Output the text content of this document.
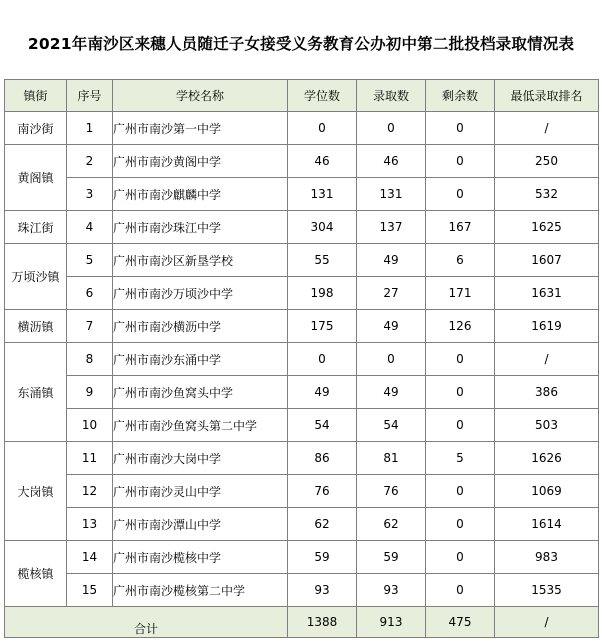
2021年南沙区来穗人员随迁子女接受义务教育公办初中第二批投档录取情况表
镇街	序号	学校名称	学位数	录取数	剩余数	最低录取排名
南沙街	1	广州市南沙第一中学	0	0	0	/
黄阁镇	2	广州市南沙黄阁中学	46	46	0	250
	3	广州市南沙麒麟中学	131	131	0	532
珠江街	4	广州市南沙珠江中学	304	137	167	1625
万顷沙镇	5	广州市南沙区新垦学校	55	49	6	1607
	6	广州市南沙万顷沙中学	198	27	171	1631
横沥镇	7	广州市南沙横沥中学	175	49	126	1619
东涌镇	8	广州市南沙东涌中学	0	0	0	/
	9	广州市南沙鱼窝头中学	49	49	0	386
	10	广州市南沙鱼窝头第二中学	54	54	0	503
大岗镇	11	广州市南沙大岗中学	86	81	5	1626
	12	广州市南沙灵山中学	76	76	0	1069
	13	广州市南沙潭山中学	62	62	0	1614
榄核镇	14	广州市南沙榄核中学	59	59	0	983
	15	广州市南沙榄核第二中学	93	93	0	1535

合计			1388	913	475	/
